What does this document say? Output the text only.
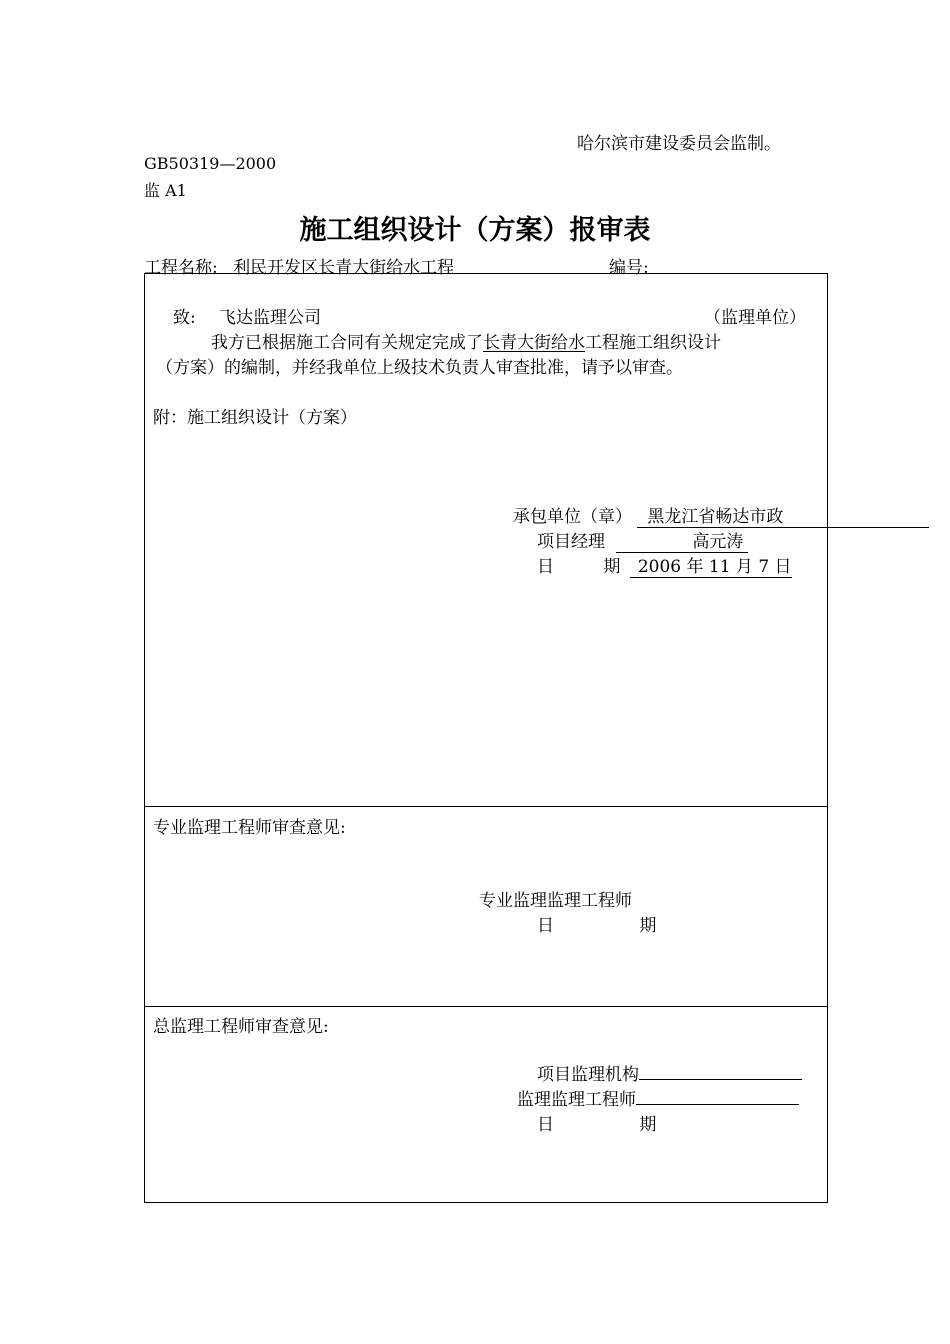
哈尔滨市建设委员会监制。
GB50319—2000
监 A1
施工组织设计（方案）报审表
工程名称: 利民开发区长青大街给水工程	编号:
致: 飞达监理公司	（监理单位）
我方已根据施工合同有关规定完成了长青大街给水工程施工组织设计
（方案）的编制，并经我单位上级技术负责人审查批准，请予以审查。
附：施工组织设计（方案）
承包单位（章） 黑龙江省畅达市政
项目经理	高元涛
日	期 2006 年 11 月 7 日
专业监理工程师审查意见:
专业监理监理工程师
日	期
总监理工程师审查意见:
项目监理机构
监理监理工程师
日	期
